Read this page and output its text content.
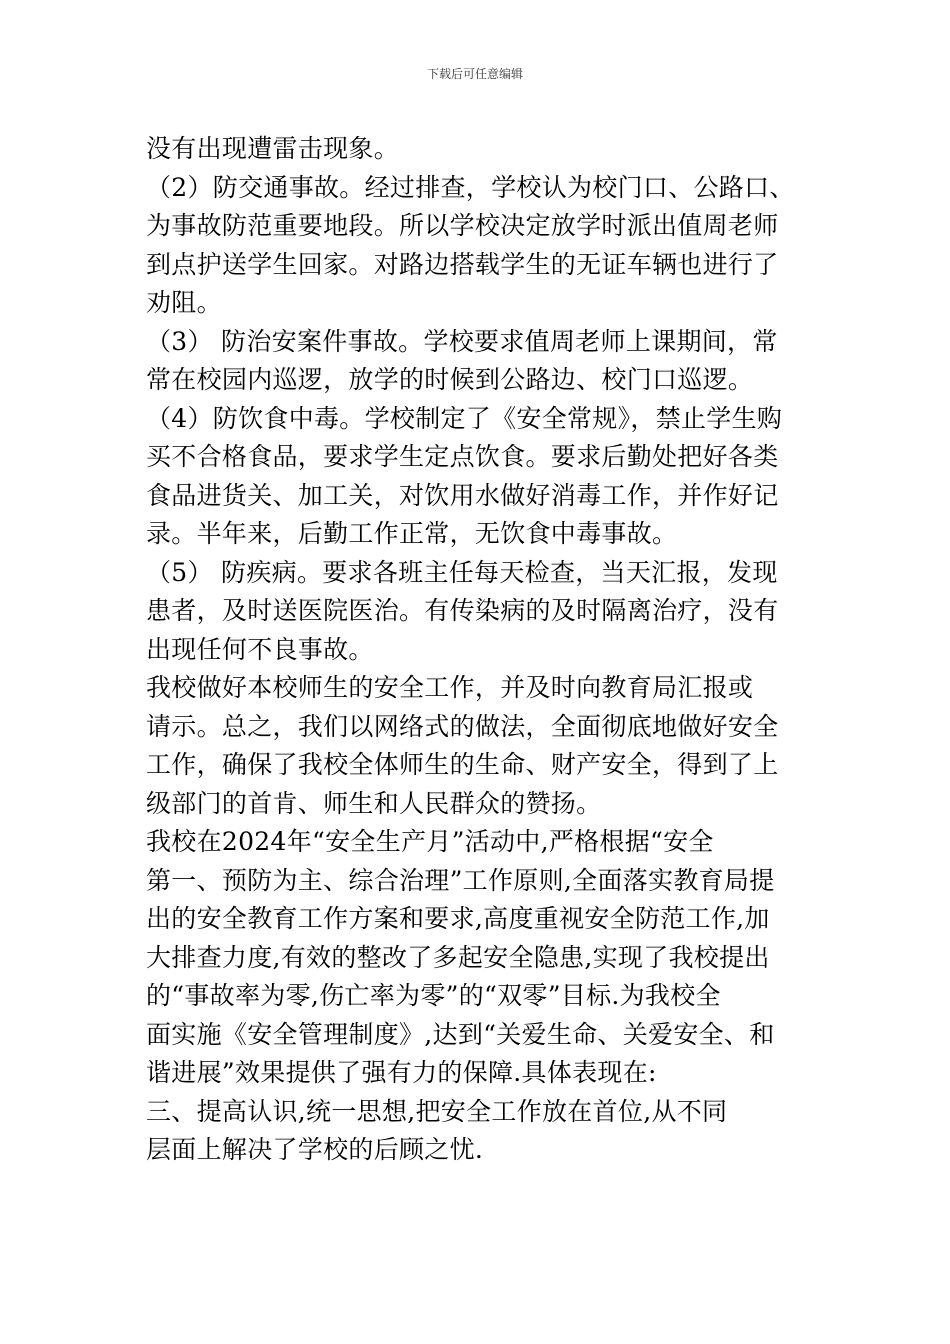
下载后可任意编辑
没有出现遭雷击现象。
（2）防交通事故。经过排查，学校认为校门口、公路口、
为事故防范重要地段。所以学校决定放学时派出值周老师
到点护送学生回家。对路边搭载学生的无证车辆也进行了
劝阻。
（3） 防治安案件事故。学校要求值周老师上课期间，常
常在校园内巡逻，放学的时候到公路边、校门口巡逻。
（4）防饮食中毒。学校制定了《安全常规》，禁止学生购
买不合格食品，要求学生定点饮食。要求后勤处把好各类
食品进货关、加工关，对饮用水做好消毒工作，并作好记
录。半年来，后勤工作正常，无饮食中毒事故。
（5） 防疾病。要求各班主任每天检查，当天汇报，发现
患者，及时送医院医治。有传染病的及时隔离治疗，没有
出现任何不良事故。
我校做好本校师生的安全工作，并及时向教育局汇报或
请示。总之，我们以网络式的做法，全面彻底地做好安全
工作，确保了我校全体师生的生命、财产安全，得到了上
级部门的首肯、师生和人民群众的赞扬。
我校在2024年“安全生产月”活动中,严格根据“安全
第一、预防为主、综合治理”工作原则,全面落实教育局提
出的安全教育工作方案和要求,高度重视安全防范工作,加
大排查力度,有效的整改了多起安全隐患,实现了我校提出
的“事故率为零,伤亡率为零”的“双零”目标.为我校全
面实施《安全管理制度》,达到“关爱生命、关爱安全、和
谐进展”效果提供了强有力的保障.具体表现在:
三、提高认识,统一思想,把安全工作放在首位,从不同
层面上解决了学校的后顾之忧.
